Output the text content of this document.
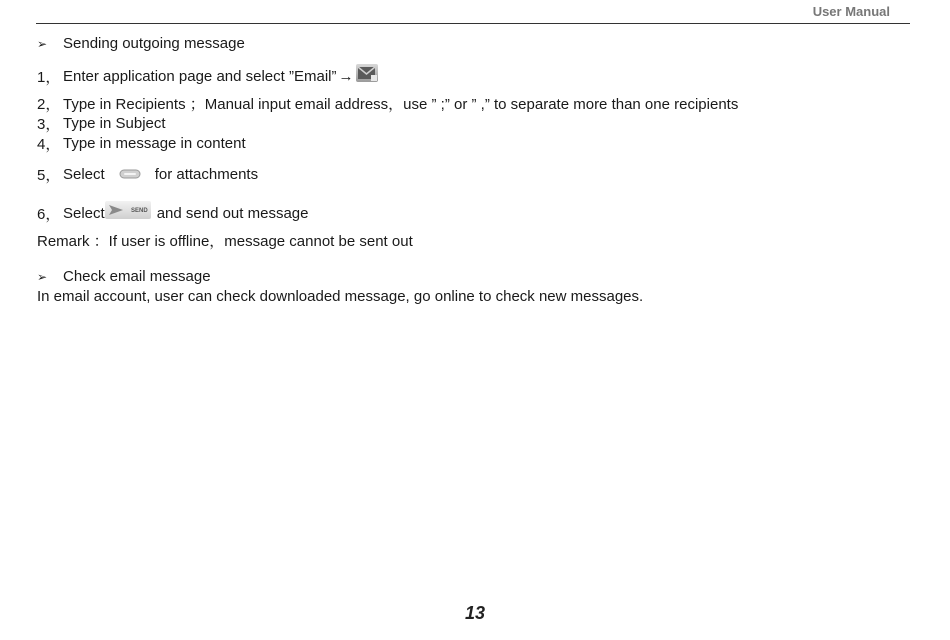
User Manual
➢	Sending outgoing message
1， Enter application page and select ”Email” →
2， Type in Recipients ；Manual input email address，use ” ;” or ” ,” to separate more than one recipients
3， Type in Subject
4， Type in message in content
5， Select	for attachments
6， Select	SEND and send out message
Remark ：If user is offline，message cannot be sent out
➢	Check email message
In email account, user can check downloaded message, go online to check new messages.
13
